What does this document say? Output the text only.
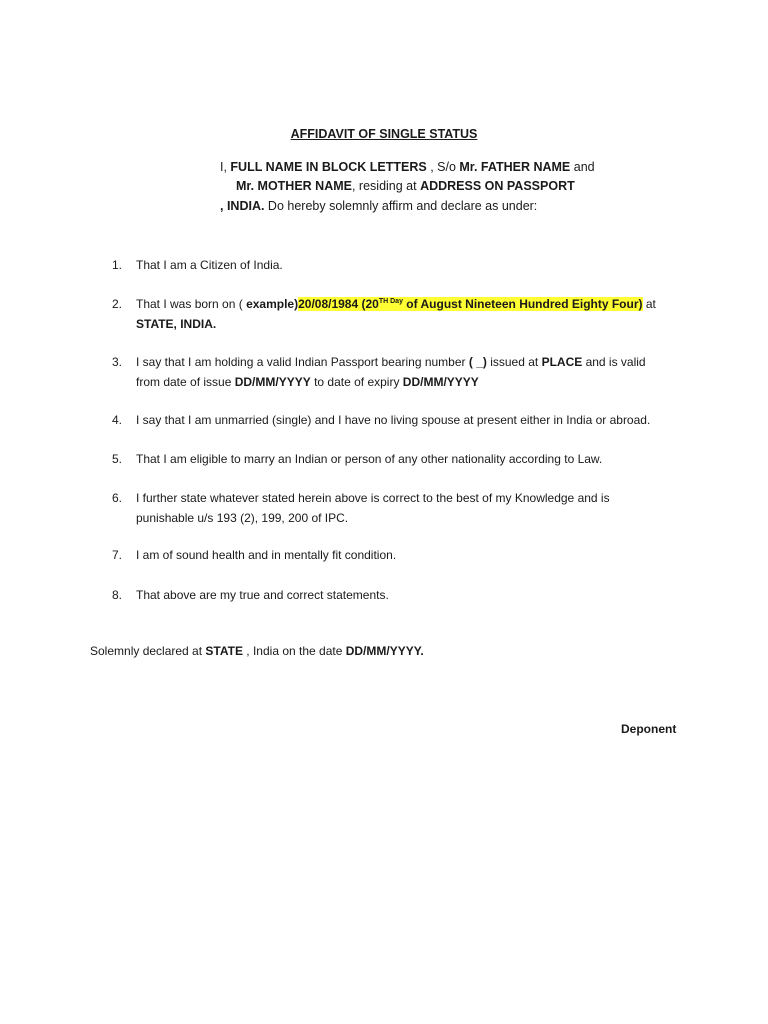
AFFIDAVIT OF SINGLE STATUS
I, FULL NAME IN BLOCK LETTERS , S/o Mr. FATHER NAME and
Mr. MOTHER NAME, residing at ADDRESS ON PASSPORT
, INDIA. Do hereby solemnly affirm and declare as under:
1. That I am a Citizen of India.
2. That I was born on ( example)20/08/1984 ($20^{TH Day}$ of August Nineteen Hundred Eighty Four) at
STATE, INDIA.
3. I say that I am holding a valid Indian Passport bearing number ( _) issued at PLACE and is valid
from date of issue DD/MM/YYYY to date of expiry DD/MM/YYYY
4. I say that I am unmarried (single) and I have no living spouse at present either in India or abroad.
5. That I am eligible to marry an Indian or person of any other nationality according to Law.
6. I further state whatever stated herein above is correct to the best of my Knowledge and is
punishable u/s 193 (2), 199, 200 of IPC.
7. I am of sound health and in mentally fit condition.
8. That above are my true and correct statements.
Solemnly declared at STATE , India on the date DD/MM/YYYY.
Deponent
